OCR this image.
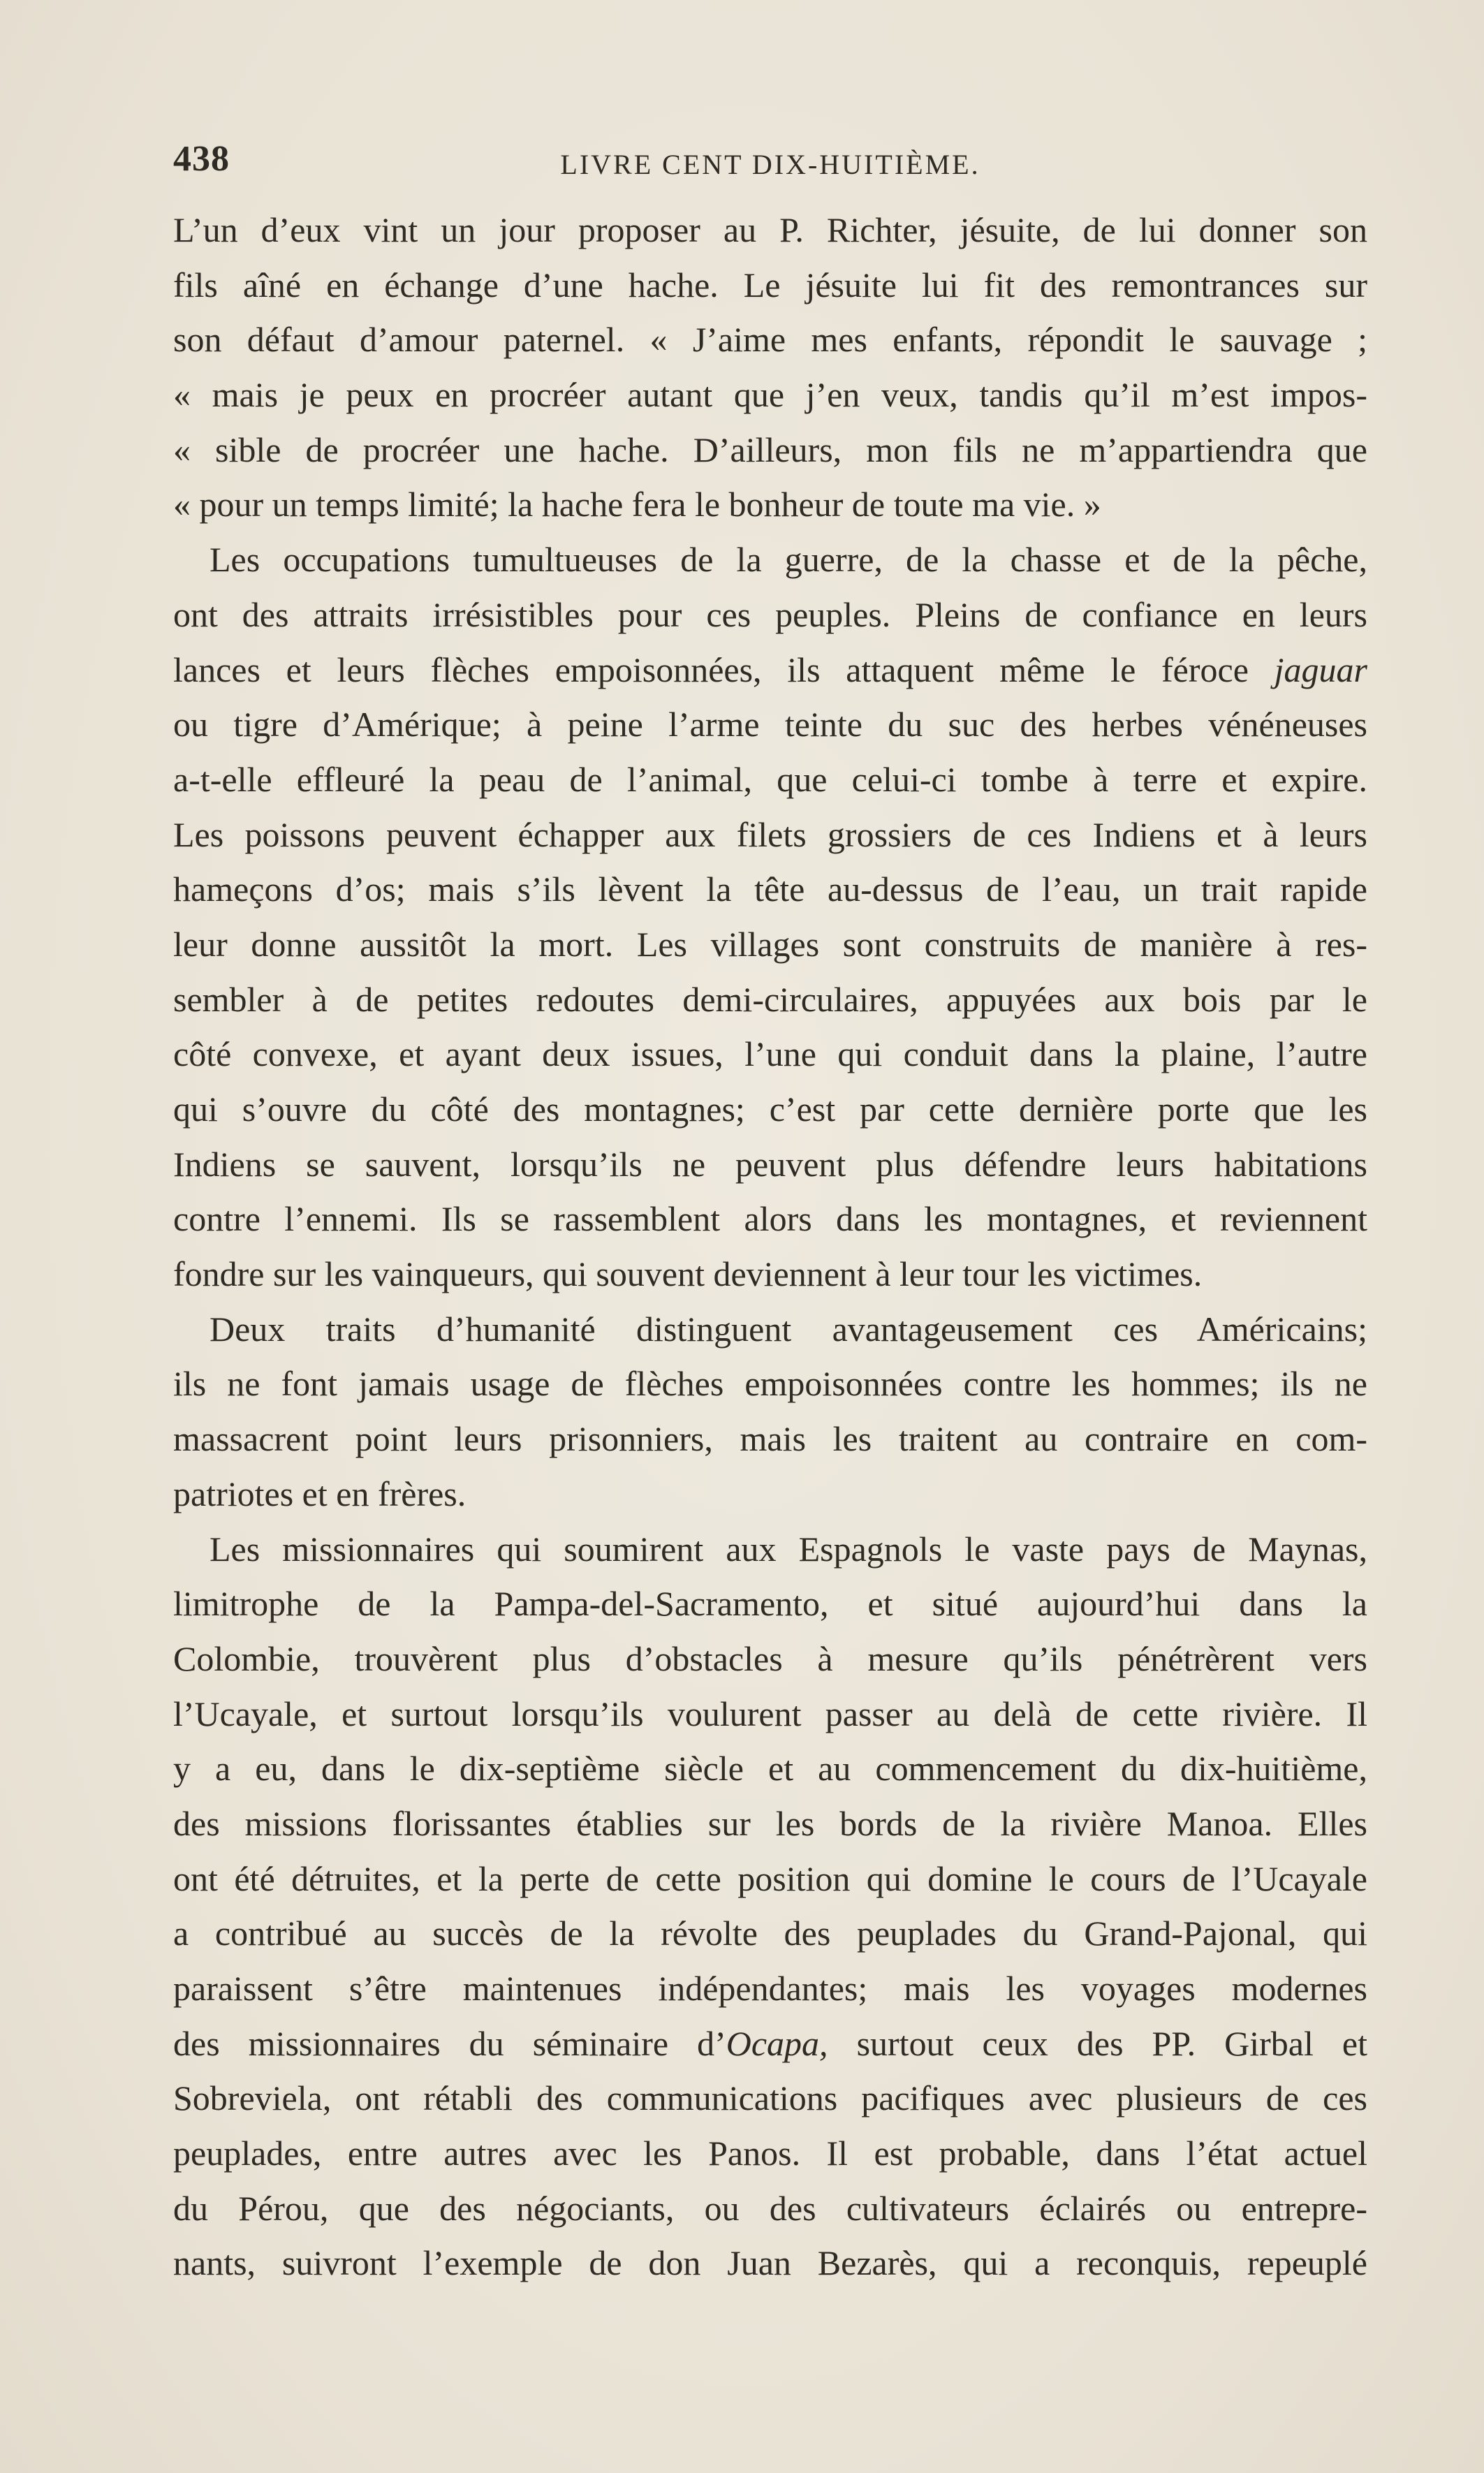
438	LIVRE CENT DIX-HUITIÈME.
L’un d’eux vint un jour proposer au P. Richter, jésuite, de lui donner son
fils aîné en échange d’une hache. Le jésuite lui fit des remontrances sur
son défaut d’amour paternel. « J’aime mes enfants, répondit le sauvage ;
« mais je peux en procréer autant que j’en veux, tandis qu’il m’est impos-
« sible de procréer une hache. D’ailleurs, mon fils ne m’appartiendra que
« pour un temps limité; la hache fera le bonheur de toute ma vie. »
Les occupations tumultueuses de la guerre, de la chasse et de la pêche,
ont des attraits irrésistibles pour ces peuples. Pleins de confiance en leurs
lances et leurs flèches empoisonnées, ils attaquent même le féroce jaguar
ou tigre d’Amérique; à peine l’arme teinte du suc des herbes vénéneuses
a-t-elle effleuré la peau de l’animal, que celui-ci tombe à terre et expire.
Les poissons peuvent échapper aux filets grossiers de ces Indiens et à leurs
hameçons d’os; mais s’ils lèvent la tête au-dessus de l’eau, un trait rapide
leur donne aussitôt la mort. Les villages sont construits de manière à res-
sembler à de petites redoutes demi-circulaires, appuyées aux bois par le
côté convexe, et ayant deux issues, l’une qui conduit dans la plaine, l’autre
qui s’ouvre du côté des montagnes; c’est par cette dernière porte que les
Indiens se sauvent, lorsqu’ils ne peuvent plus défendre leurs habitations
contre l’ennemi. Ils se rassemblent alors dans les montagnes, et reviennent
fondre sur les vainqueurs, qui souvent deviennent à leur tour les victimes.
Deux traits d’humanité distinguent avantageusement ces Américains;
ils ne font jamais usage de flèches empoisonnées contre les hommes; ils ne
massacrent point leurs prisonniers, mais les traitent au contraire en com-
patriotes et en frères.
Les missionnaires qui soumirent aux Espagnols le vaste pays de Maynas,
limitrophe de la Pampa-del-Sacramento, et situé aujourd’hui dans la
Colombie, trouvèrent plus d’obstacles à mesure qu’ils pénétrèrent vers
l’Ucayale, et surtout lorsqu’ils voulurent passer au delà de cette rivière. Il
y a eu, dans le dix-septième siècle et au commencement du dix-huitième,
des missions florissantes établies sur les bords de la rivière Manoa. Elles
ont été détruites, et la perte de cette position qui domine le cours de l’Ucayale
a contribué au succès de la révolte des peuplades du Grand-Pajonal, qui
paraissent s’être maintenues indépendantes; mais les voyages modernes
des missionnaires du séminaire d’Ocapa, surtout ceux des PP. Girbal et
Sobreviela, ont rétabli des communications pacifiques avec plusieurs de ces
peuplades, entre autres avec les Panos. Il est probable, dans l’état actuel
du Pérou, que des négociants, ou des cultivateurs éclairés ou entrepre-
nants, suivront l’exemple de don Juan Bezarès, qui a reconquis, repeuplé
